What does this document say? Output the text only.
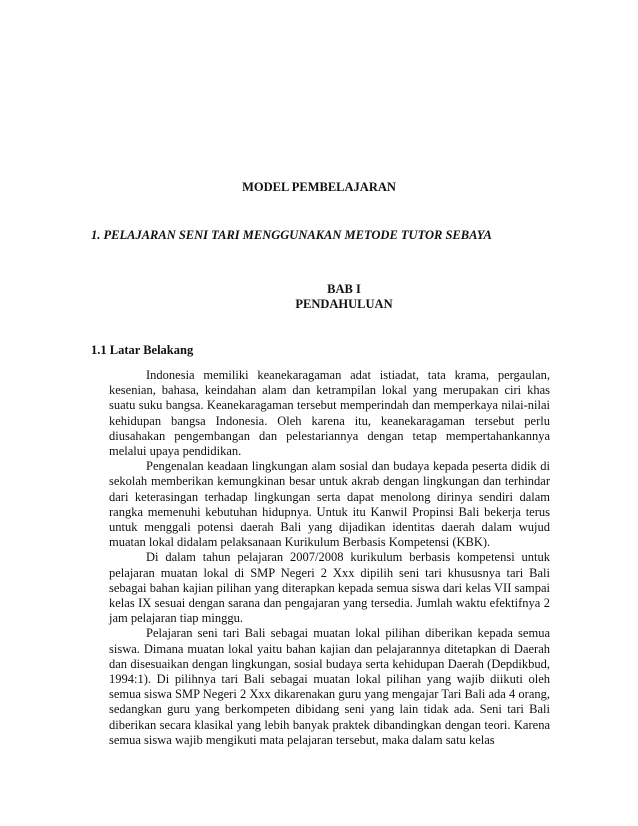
MODEL PEMBELAJARAN
1. PELAJARAN SENI TARI MENGGUNAKAN METODE TUTOR SEBAYA
BAB I
PENDAHULUAN
1.1 Latar Belakang

Indonesia memiliki keanekaragaman adat istiadat, tata krama, pergaulan, kesenian, bahasa, keindahan alam dan ketrampilan lokal yang merupakan ciri khas suatu suku bangsa. Keanekaragaman tersebut memperindah dan memperkaya nilai-nilai kehidupan bangsa Indonesia. Oleh karena itu, keanekaragaman tersebut perlu diusahakan pengembangan dan pelestariannya dengan tetap mempertahankannya melalui upaya pendidikan.

Pengenalan keadaan lingkungan alam sosial dan budaya kepada peserta didik di sekolah memberikan kemungkinan besar untuk akrab dengan lingkungan dan terhindar dari keterasingan terhadap lingkungan serta dapat menolong dirinya sendiri dalam rangka memenuhi kebutuhan hidupnya. Untuk itu Kanwil Propinsi Bali bekerja terus untuk menggali potensi daerah Bali yang dijadikan identitas daerah dalam wujud muatan lokal didalam pelaksanaan Kurikulum Berbasis Kompetensi (KBK).

Di dalam tahun pelajaran 2007/2008 kurikulum berbasis kompetensi untuk pelajaran muatan lokal di SMP Negeri 2 Xxx dipilih seni tari khususnya tari Bali sebagai bahan kajian pilihan yang diterapkan kepada semua siswa dari kelas VII sampai kelas IX sesuai dengan sarana dan pengajaran yang tersedia. Jumlah waktu efektifnya 2 jam pelajaran tiap minggu.

Pelajaran seni tari Bali sebagai muatan lokal pilihan diberikan kepada semua siswa. Dimana muatan lokal yaitu bahan kajian dan pelajarannya ditetapkan di Daerah dan disesuaikan dengan lingkungan, sosial budaya serta kehidupan Daerah (Depdikbud, 1994:1). Di pilihnya tari Bali sebagai muatan lokal pilihan yang wajib diikuti oleh semua siswa SMP Negeri 2 Xxx dikarenakan guru yang mengajar Tari Bali ada 4 orang, sedangkan guru yang berkompeten dibidang seni yang lain tidak ada. Seni tari Bali diberikan secara klasikal yang lebih banyak praktek dibandingkan dengan teori. Karena semua siswa wajib mengikuti mata pelajaran tersebut, maka dalam satu kelas
